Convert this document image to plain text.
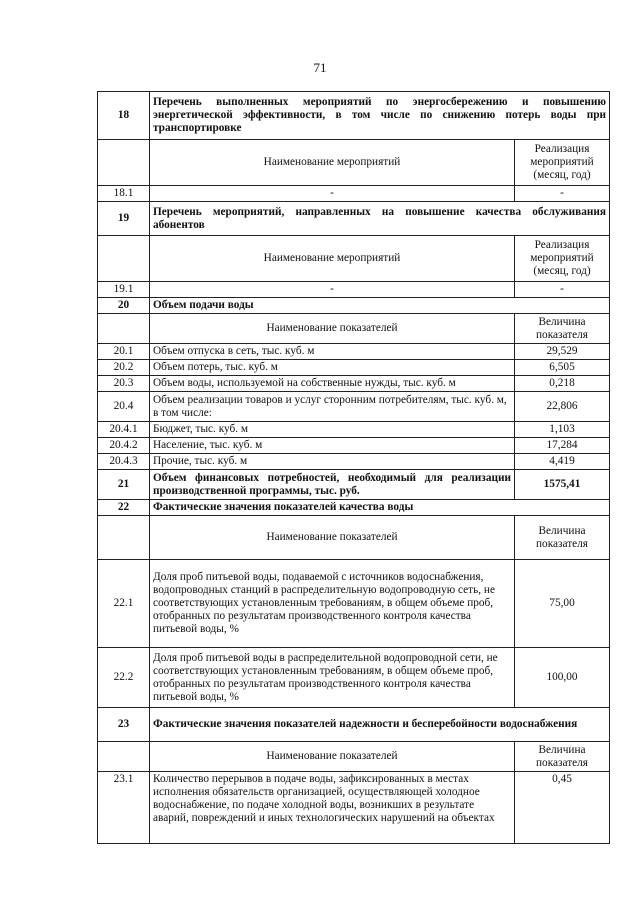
71
18	Перечень выполненных мероприятий по энергосбережению и повышению энергетической эффективности, в том числе по снижению потерь воды при транспортировке	
	Наименование мероприятий	Реализация мероприятий (месяц, год)
18.1	-	-
19	Перечень мероприятий, направленных на повышение качества обслуживания абонентов	
	Наименование мероприятий	Реализация мероприятий (месяц, год)
19.1	-	-
20	Объем подачи воды	
	Наименование показателей	Величина показателя
20.1	Объем отпуска в сеть, тыс. куб. м	29,529
20.2	Объем потерь, тыс. куб. м	6,505
20.3	Объем воды, используемой на собственные нужды, тыс. куб. м	0,218
20.4	Объем реализации товаров и услуг сторонним потребителям, тыс. куб. м, в том числе:	22,806
20.4.1	Бюджет, тыс. куб. м	1,103
20.4.2	Население, тыс. куб. м	17,284
20.4.3	Прочие, тыс. куб. м	4,419
21	Объем финансовых потребностей, необходимый для реализации производственной программы, тыс. руб.	1575,41
22	Фактические значения показателей качества воды	
	Наименование показателей	Величина показателя
22.1	Доля проб питьевой воды, подаваемой с источников водоснабжения, водопроводных станций в распределительную водопроводную сеть, не соответствующих установленным требованиям, в общем объеме проб, отобранных по результатам производственного контроля качества питьевой воды, %	75,00
22.2	Доля проб питьевой воды в распределительной водопроводной сети, не соответствующих установленным требованиям, в общем объеме проб, отобранных по результатам производственного контроля качества питьевой воды, %	100,00
23	Фактические значения показателей надежности и бесперебойности водоснабжения	
	Наименование показателей	Величина показателя
23.1	Количество перерывов в подаче воды, зафиксированных в местах исполнения обязательств организацией, осуществляющей холодное водоснабжение, по подаче холодной воды, возникших в результате аварий, повреждений и иных технологических нарушений на объектах	0,45
